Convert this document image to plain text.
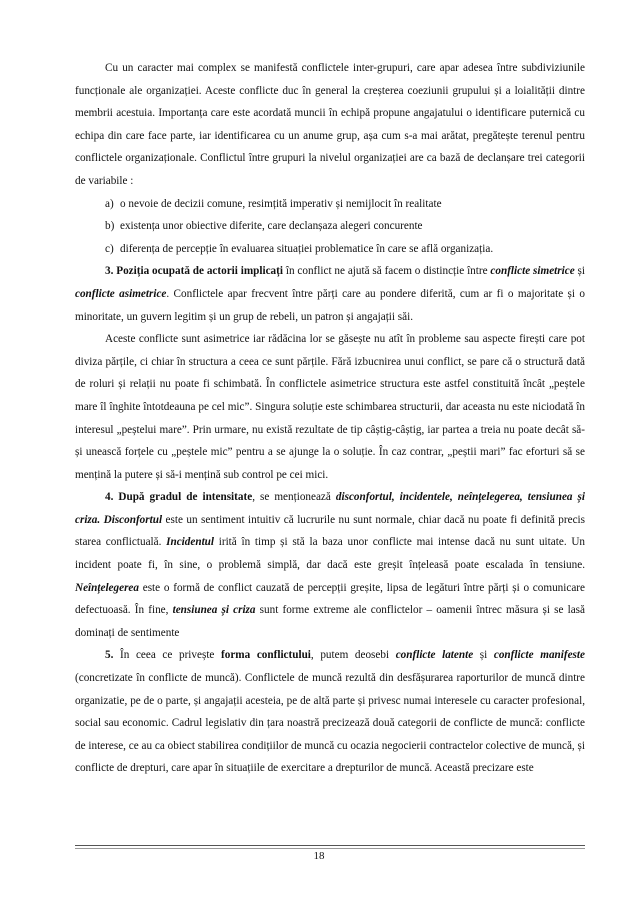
Cu un caracter mai complex se manifestă conflictele inter-grupuri, care apar adesea între subdiviziunile funcționale ale organizației. Aceste conflicte duc în general la creșterea coeziunii grupului și a loialității dintre membrii acestuia. Importanța care este acordată muncii în echipă propune angajatului o identificare puternică cu echipa din care face parte, iar identificarea cu un anume grup, așa cum s-a mai arătat, pregătește terenul pentru conflictele organizaționale. Conflictul între grupuri la nivelul organizației are ca bază de declanșare trei categorii de variabile :

a) o nevoie de decizii comune, resimțită imperativ și nemijlocit în realitate

b) existența unor obiective diferite, care declanșaza alegeri concurente

c) diferența de percepție în evaluarea situației problematice în care se află organizația.

3. Poziția ocupată de actorii implicați în conflict ne ajută să facem o distincție între conflicte simetrice și conflicte asimetrice. Conflictele apar frecvent între părți care au pondere diferită, cum ar fi o majoritate și o minoritate, un guvern legitim și un grup de rebeli, un patron și angajații săi.

Aceste conflicte sunt asimetrice iar rădăcina lor se găsește nu atît în probleme sau aspecte firești care pot diviza părțile, ci chiar în structura a ceea ce sunt părțile. Fără izbucnirea unui conflict, se pare că o structură dată de roluri și relații nu poate fi schimbată. În conflictele asimetrice structura este astfel constituită încât „peștele mare îl înghite întotdeauna pe cel mic”. Singura soluție este schimbarea structurii, dar aceasta nu este niciodată în interesul „peștelui mare”. Prin urmare, nu există rezultate de tip câștig-câștig, iar partea a treia nu poate decât să-și unească forțele cu „peștele mic” pentru a se ajunge la o soluție. În caz contrar, „peștii mari” fac eforturi să se mențină la putere și să-i mențină sub control pe cei mici.

4. După gradul de intensitate, se menționează disconfortul, incidentele, neînțelegerea, tensiunea și criza. Disconfortul este un sentiment intuitiv că lucrurile nu sunt normale, chiar dacă nu poate fi definită precis starea conflictuală. Incidentul irită în timp și stă la baza unor conflicte mai intense dacă nu sunt uitate. Un incident poate fi, în sine, o problemă simplă, dar dacă este greșit înțeleasă poate escalada în tensiune. Neînțelegerea este o formă de conflict cauzată de percepții greșite, lipsa de legături între părți și o comunicare defectuoasă. În fine, tensiunea și criza sunt forme extreme ale conflictelor – oamenii întrec măsura și se lasă dominați de sentimente

5. În ceea ce privește forma conflictului, putem deosebi conflicte latente și conflicte manifeste (concretizate în conflicte de muncă). Conflictele de muncă rezultă din desfășurarea raporturilor de muncă dintre organizatie, pe de o parte, și angajații acesteia, pe de altă parte și privesc numai interesele cu caracter profesional, social sau economic. Cadrul legislativ din țara noastră precizează două categorii de conflicte de muncă: conflicte de interese, ce au ca obiect stabilirea condițiilor de muncă cu ocazia negocierii contractelor colective de muncă, și conflicte de drepturi, care apar în situațiile de exercitare a drepturilor de muncă. Această precizare este

18
